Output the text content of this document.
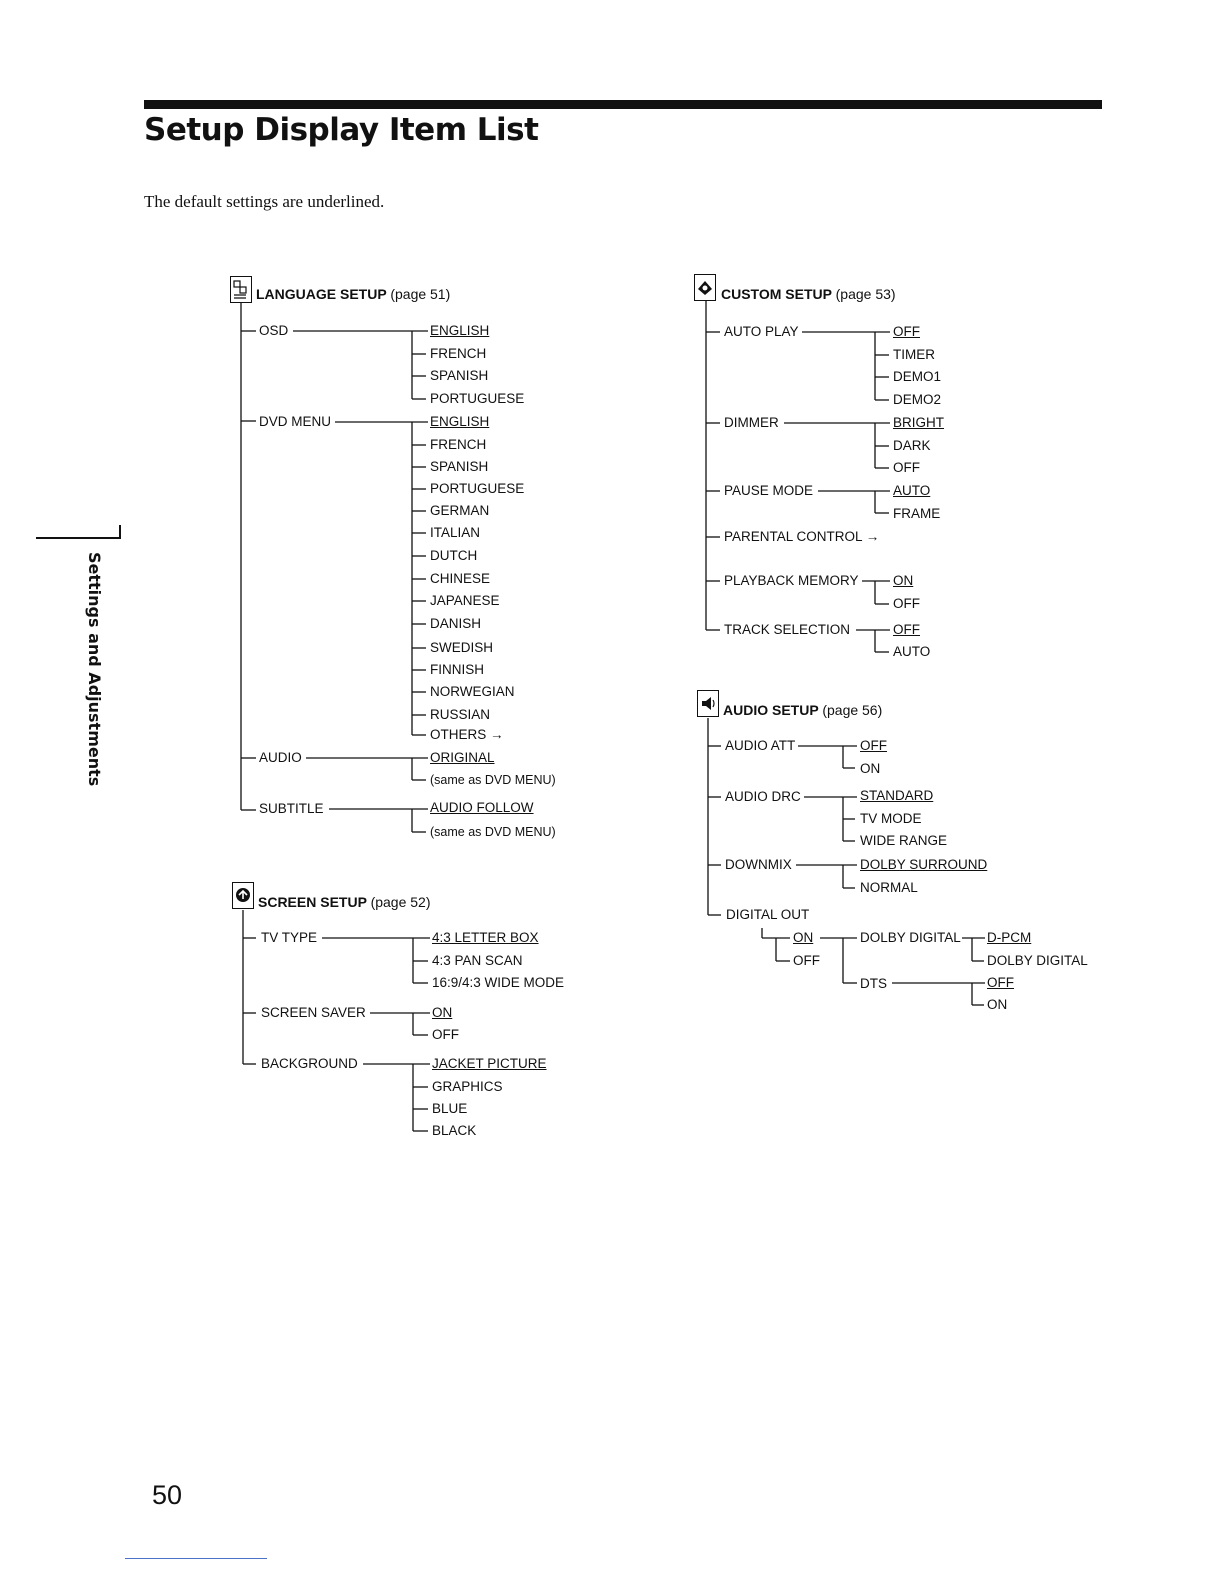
Setup Display Item List
The default settings are underlined.
Settings and Adjustments
50
LANGUAGE SETUP (page 51)
OSD	ENGLISH
FRENCH
SPANISH
PORTUGUESE
DVD MENU	ENGLISH
FRENCH
SPANISH
PORTUGUESE
GERMAN
ITALIAN
DUTCH
CHINESE
JAPANESE
DANISH
SWEDISH
FINNISH
NORWEGIAN
RUSSIAN
OTHERS →
AUDIO	ORIGINAL
(same as DVD MENU)
SUBTITLE	AUDIO FOLLOW
(same as DVD MENU)
SCREEN SETUP (page 52)
TV TYPE	4:3 LETTER BOX
4:3 PAN SCAN
16:9/4:3 WIDE MODE
SCREEN SAVER	ON
OFF
BACKGROUND	JACKET PICTURE
GRAPHICS
BLUE
BLACK
CUSTOM SETUP (page 53)
AUTO PLAY	OFF
TIMER
DEMO1
DEMO2
DIMMER	BRIGHT
DARK
OFF
PAUSE MODE	AUTO
FRAME
PARENTAL CONTROL →
PLAYBACK MEMORY	ON
OFF
TRACK SELECTION	OFF
AUTO
AUDIO SETUP (page 56)
AUDIO ATT	OFF
ON
AUDIO DRC	STANDARD
TV MODE
WIDE RANGE
DOWNMIX	DOLBY SURROUND
NORMAL
DIGITAL OUT
ON
OFF
DOLBY DIGITAL D-PCM
DOLBY DIGITAL
DTS	OFF
ON
